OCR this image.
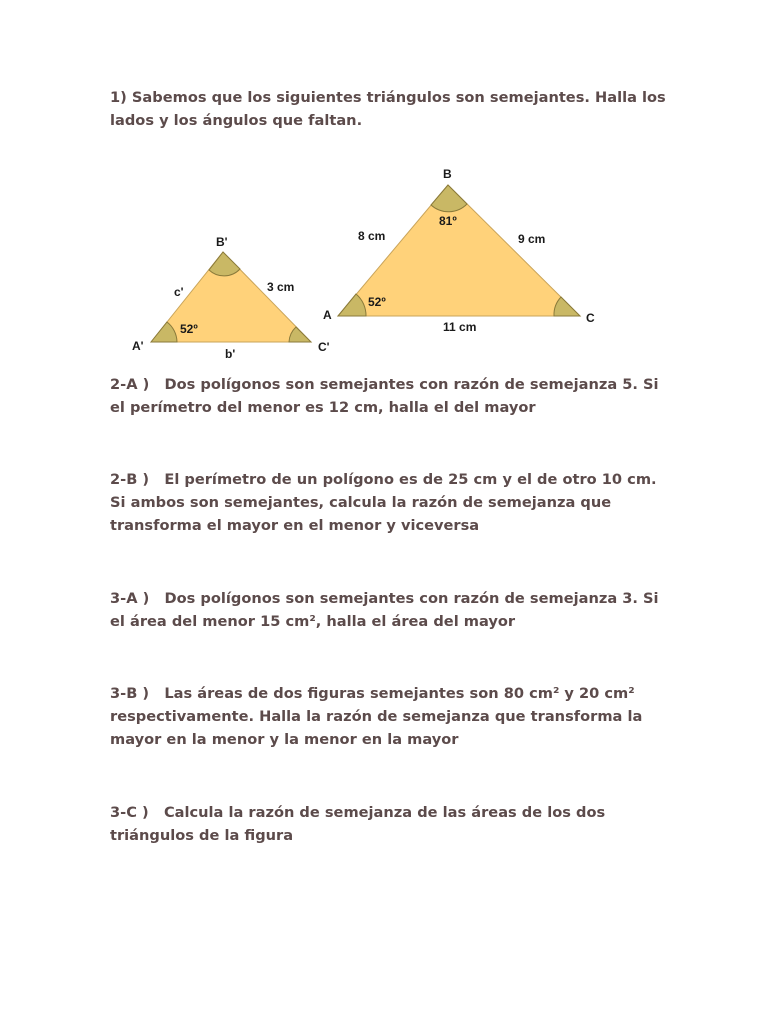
1) Sabemos que los siguientes triángulos son semejantes. Halla los lados y los ángulos que faltan.

B'
A'	C'
c'	3 cm
b'
52º
B
A	C
8 cm	9 cm
11 cm
81º
52º

2-A ) Dos polígonos son semejantes con razón de semejanza 5. Si el perímetro del menor es 12 cm, halla el del mayor

2-B ) El perímetro de un polígono es de 25 cm y el de otro 10 cm. Si ambos son semejantes, calcula la razón de semejanza que transforma el mayor en el menor y viceversa

3-A ) Dos polígonos son semejantes con razón de semejanza 3. Si el área del menor 15 cm², halla el área del mayor

3-B ) Las áreas de dos figuras semejantes son 80 cm² y 20 cm² respectivamente. Halla la razón de semejanza que transforma la mayor en la menor y la menor en la mayor

3-C ) Calcula la razón de semejanza de las áreas de los dos triángulos de la figura
